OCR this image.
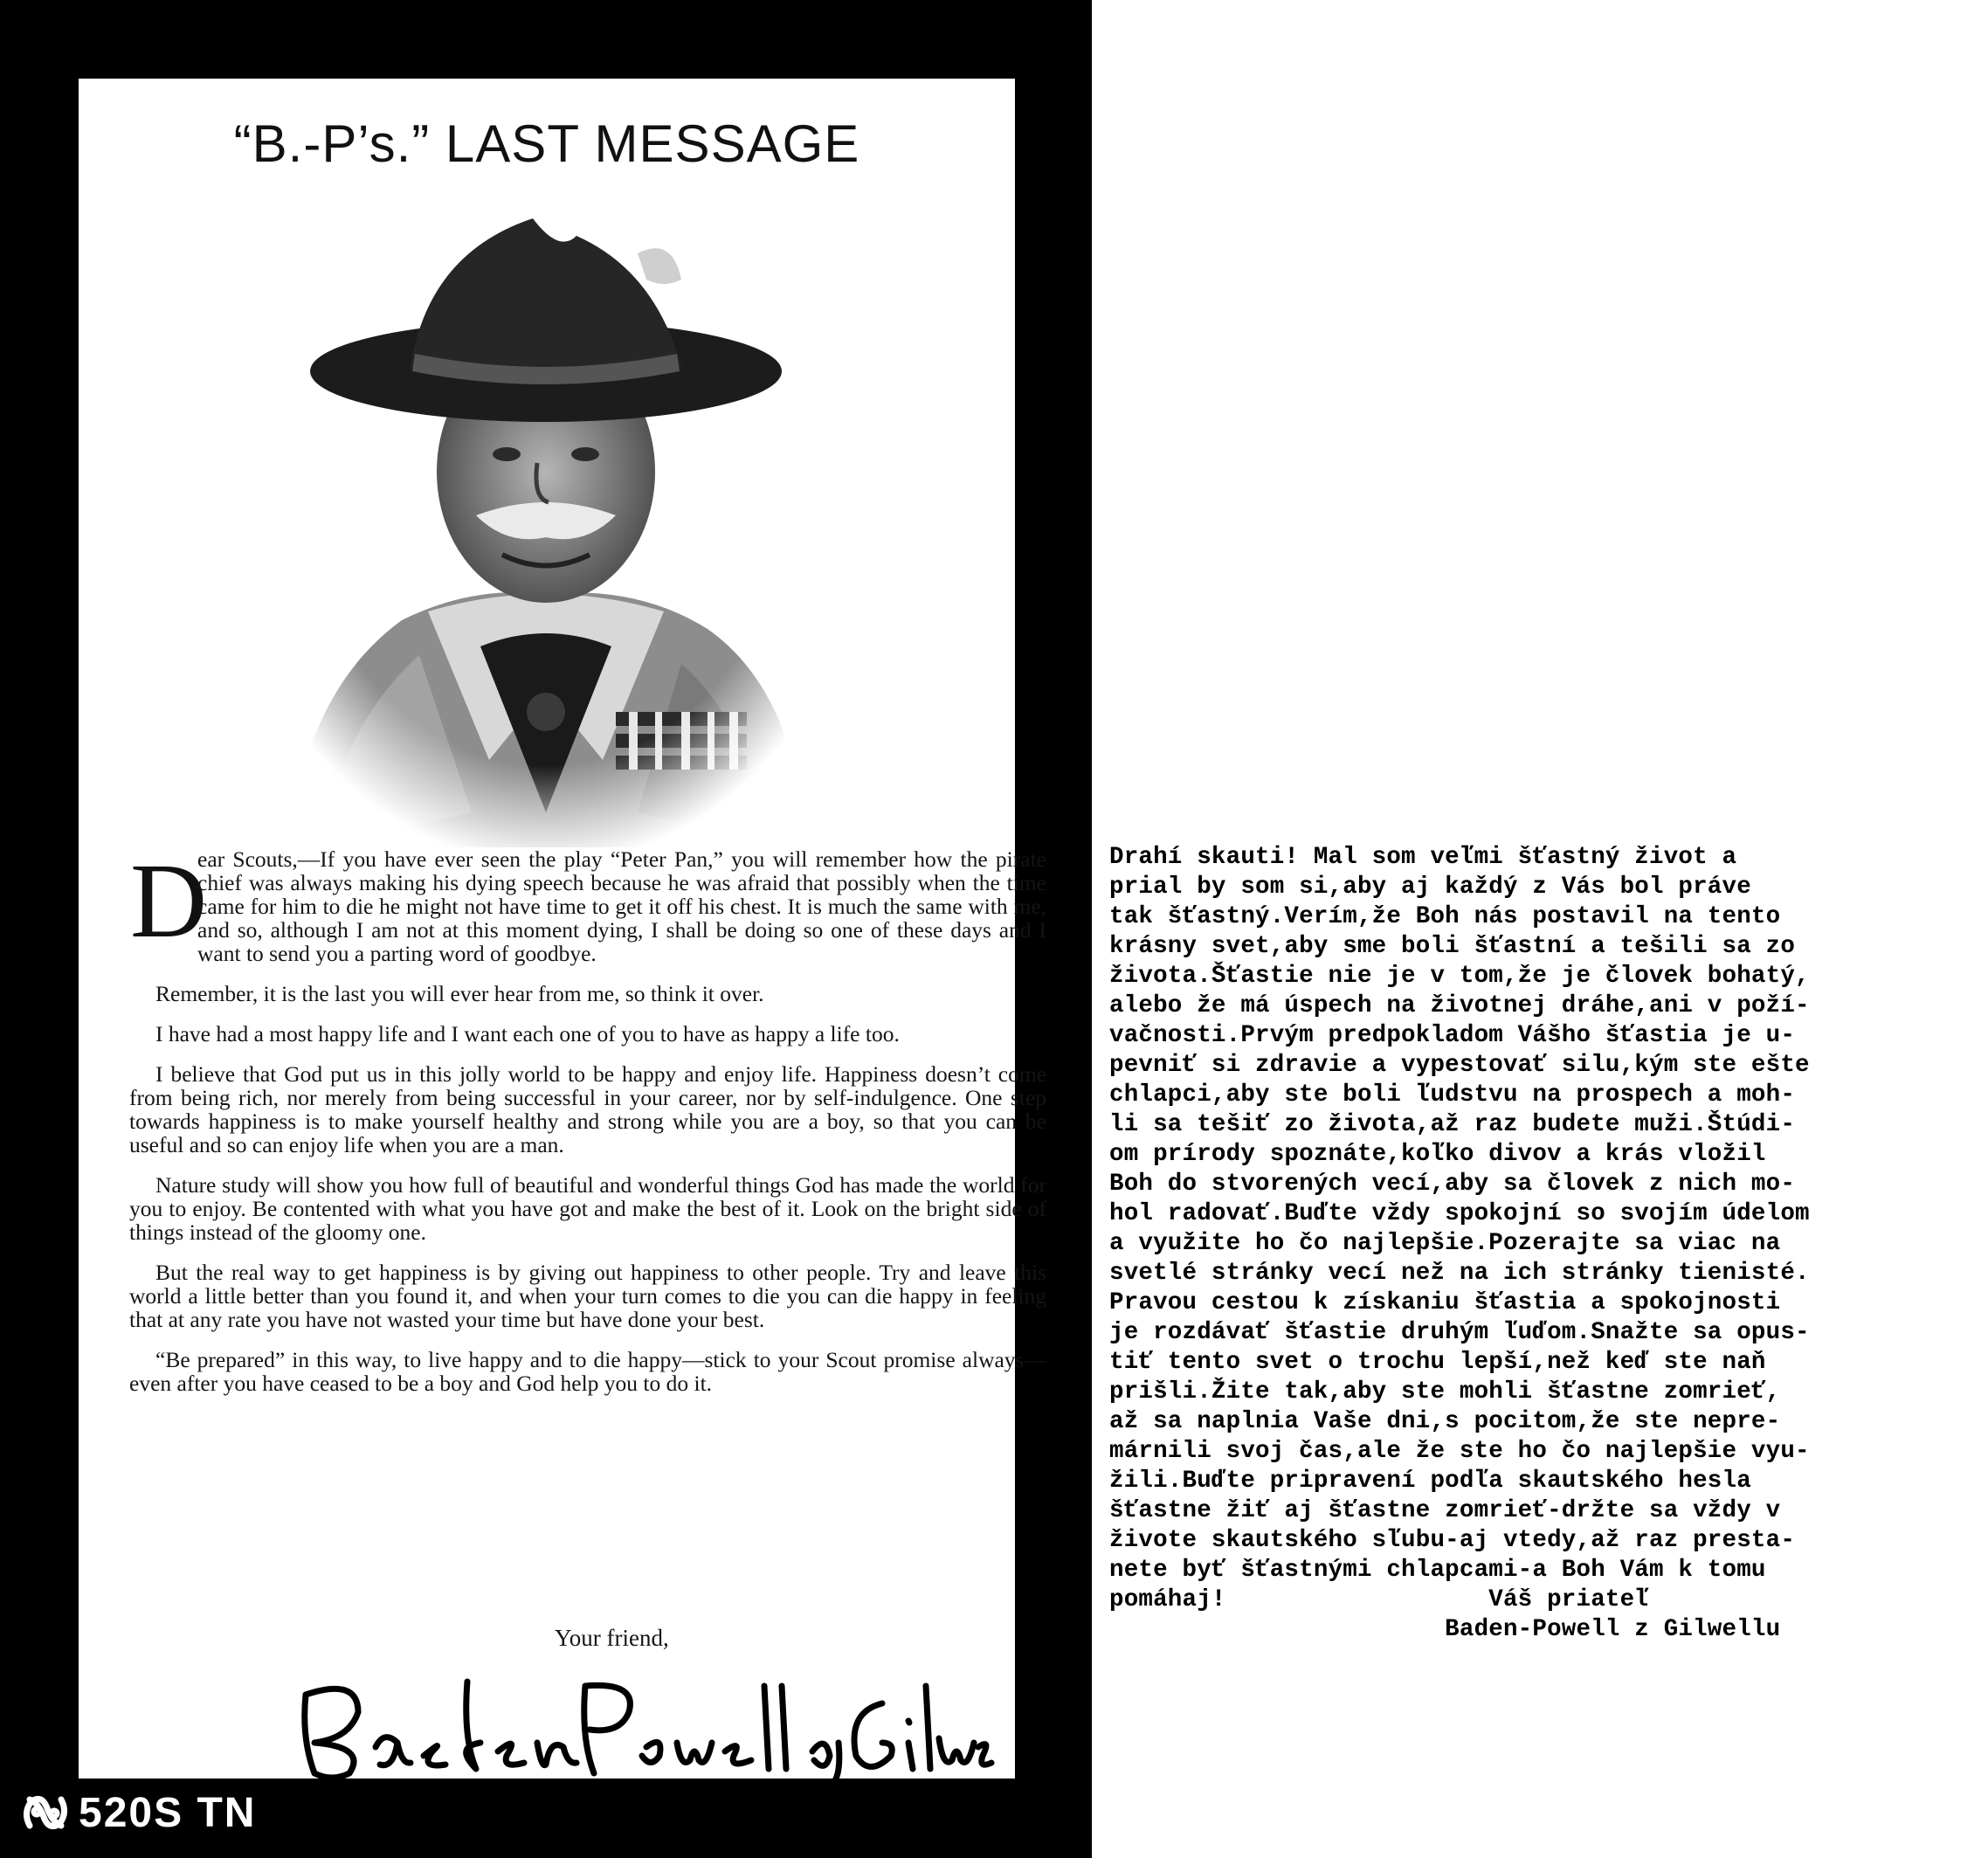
“B.-P’s.” LAST MESSAGE

D
ear Scouts,—If you have ever seen the play “Peter Pan,” you will remember how the pirate chief was always making his dying speech because he was afraid that possibly when the time came for him to die he might not have time to get it off his chest. It is much the same with me, and so, although I am not at this moment dying, I shall be doing so one of these days and I want to send you a parting word of goodbye.

Remember, it is the last you will ever hear from me, so think it over.

I have had a most happy life and I want each one of you to have as happy a life too.

I believe that God put us in this jolly world to be happy and enjoy life. Happiness doesn’t come from being rich, nor merely from being successful in your career, nor by self-indulgence. One step towards happiness is to make yourself healthy and strong while you are a boy, so that you can be useful and so can enjoy life when you are a man.

Nature study will show you how full of beautiful and wonderful things God has made the world for you to enjoy. Be contented with what you have got and make the best of it. Look on the bright side of things instead of the gloomy one.

But the real way to get happiness is by giving out happiness to other people. Try and leave this world a little better than you found it, and when your turn comes to die you can die happy in feeling that at any rate you have not wasted your time but have done your best.

“Be prepared” in this way, to live happy and to die happy—stick to your Scout promise always—even after you have ceased to be a boy and God help you to do it.

Your friend,
520S TN
Drahí skauti! Mal som veľmi šťastný život a
prial by som si,aby aj každý z Vás bol práve
tak šťastný.Verím,že Boh nás postavil na tento
krásny svet,aby sme boli šťastní a tešili sa zo
života.Šťastie nie je v tom,že je človek bohatý,
alebo že má úspech na životnej dráhe,ani v poží-
vačnosti.Prvým predpokladom Vášho šťastia je u-
pevniť si zdravie a vypestovať silu,kým ste ešte
chlapci,aby ste boli ľudstvu na prospech a moh-
li sa tešiť zo života,až raz budete muži.Štúdi-
om prírody spoznáte,koľko divov a krás vložil
Boh do stvorených vecí,aby sa človek z nich mo-
hol radovať.Buďte vždy spokojní so svojím údelom
a využite ho čo najlepšie.Pozerajte sa viac na
svetlé stránky vecí než na ich stránky tienisté.
Pravou cestou k získaniu šťastia a spokojnosti
je rozdávať šťastie druhým ľuďom.Snažte sa opus-
tiť tento svet o trochu lepší,než keď ste naň
prišli.Žite tak,aby ste mohli šťastne zomrieť,
až sa naplnia Vaše dni,s pocitom,že ste nepre-
márnili svoj čas,ale že ste ho čo najlepšie vyu-
žili.Buďte pripravení podľa skautského hesla
šťastne žiť aj šťastne zomrieť-držte sa vždy v
živote skautského sľubu-aj vtedy,až raz presta-
nete byť šťastnými chlapcami-a Boh Vám k tomu
pomáhaj!                  Váš priateľ
Baden-Powell z Gilwellu
